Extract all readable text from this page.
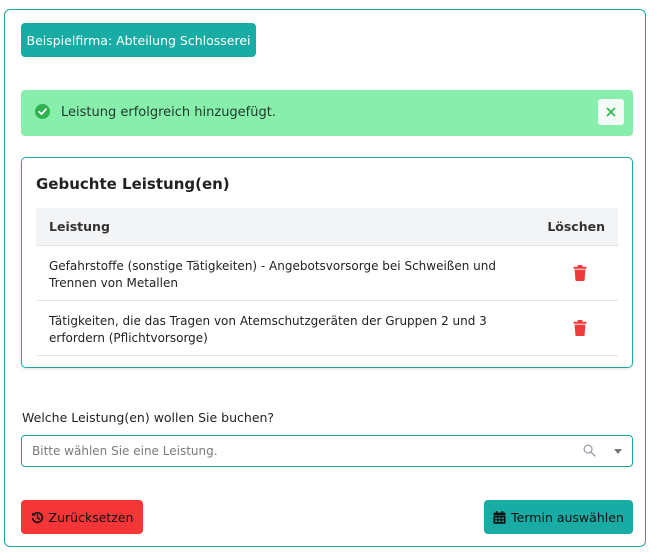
Beispielfirma: Abteilung Schlosserei
Leistung erfolgreich hinzugefügt.
Gebuchte Leistung(en)
Leistung	Löschen
Gefahrstoffe (sonstige Tätigkeiten) - Angebotsvorsorge bei Schweißen und Trennen von Metallen
Tätigkeiten, die das Tragen von Atemschutzgeräten der Gruppen 2 und 3 erfordern (Pflichtvorsorge)
Welche Leistung(en) wollen Sie buchen?
Bitte wählen Sie eine Leistung.
Zurücksetzen	Termin auswählen
